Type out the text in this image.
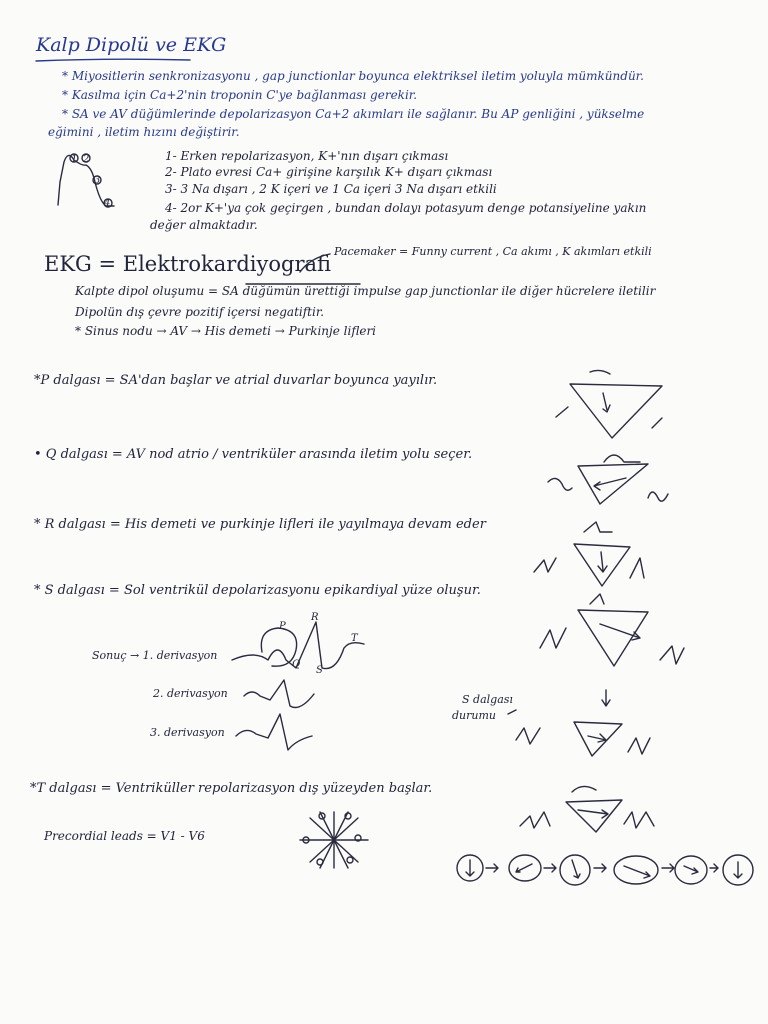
Kalp Dipolü ve EKG
* Miyositlerin senkronizasyonu , gap junctionlar boyunca elektriksel iletim yoluyla mümkündür.
* Kasılma için Ca+2'nin troponin C'ye bağlanması gerekir.
* SA ve AV düğümlerinde depolarizasyon Ca+2 akımları ile sağlanır. Bu AP genliğini , yükselme
eğimini , iletim hızını değiştirir.
1- Erken repolarizasyon, K+'nın dışarı çıkması
2- Plato evresi Ca+ girişine karşılık K+ dışarı çıkması
3- 3 Na dışarı , 2 K içeri ve 1 Ca içeri 3 Na dışarı etkili
4- 2or K+'ya çok geçirgen , bundan dolayı potasyum denge potansiyeline yakın
değer almaktadır.
1 2
3
4
Pacemaker = Funny current , Ca akımı , K akımları etkili
EKG = Elektrokardiyografi
Kalpte dipol oluşumu = SA düğümün ürettiği impulse gap junctionlar ile diğer hücrelere iletilir
Dipolün dış çevre pozitif içersi negatiftir.
* Sinus nodu → AV → His demeti → Purkinje lifleri
*P dalgası = SA'dan başlar ve atrial duvarlar boyunca yayılır.
• Q dalgası = AV nod atrio / ventriküler arasında iletim yolu seçer.
* R dalgası = His demeti ve purkinje lifleri ile yayılmaya devam eder
* S dalgası = Sol ventrikül depolarizasyonu epikardiyal yüze oluşur.
*T dalgası = Ventriküller repolarizasyon dış yüzeyden başlar.
Sonuç → 1. derivasyon
2. derivasyon
3. derivasyon
P
Q
R
S
T
S dalgası
durumu
Precordial leads = V1 - V6
